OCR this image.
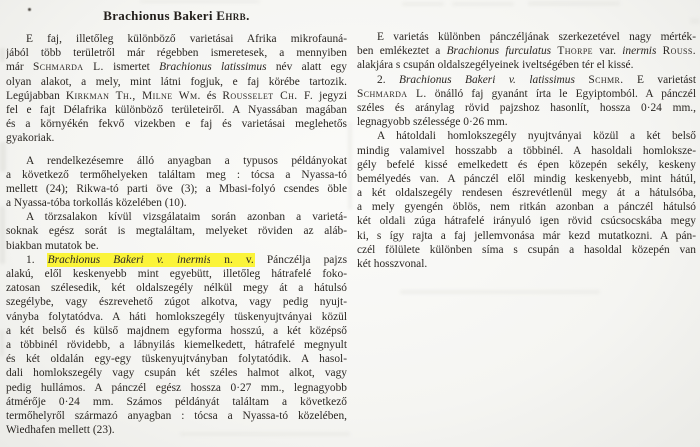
Brachionus Bakeri Ehrb.
E faj, illetőleg különböző varietásai Afrika mikrofauná-
jából több területről már régebben ismeretesek, a mennyiben
már Schmarda L. ismertet Brachionus latissimus név alatt egy
olyan alakot, a mely, mint látni fogjuk, e faj körébe tartozik.
Legújabban Kirkman Th., Milne Wm. és Rousselet Ch. F. jegyzi
fel e fajt Délafrika különböző területeiről. A Nyassában magában
és a környékén fekvő vizekben e faj és varietásai meglehetős
gyakoriak.
A rendelkezésemre álló anyagban a typusos példányokat
a következő termőhelyeken találtam meg : tócsa a Nyassa-tó
mellett (24); Rikwa-tó parti öve (3); a Mbasi-folyó csendes öble
a Nyassa-tóba torkollás közelében (10).
A törzsalakon kívül vizsgálataim során azonban a varietá-
soknak egész sorát is megtaláltam, melyeket röviden az aláb-
biakban mutatok be.
1. Brachionus Bakeri v. inermis n. v. Pánczélja pajzs
alakú, elől keskenyebb mint egyebütt, illetőleg hátrafelé foko-
zatosan szélesedik, két oldalszegély nélkül megy át a hátulsó
szegélybe, vagy észrevehető zúgot alkotva, vagy pedig nyujt-
ványba folytatódva. A háti homlokszegély tüskenyujtványai közül
a két belső és külső majdnem egyforma hosszú, a két középső
a többinél rövidebb, a lábnyilás kiemelkedett, hátrafelé megnyult
és két oldalán egy-egy tüskenyujtványban folytatódik. A hasol-
dali homlokszegély vagy csupán két széles halmot alkot, vagy
pedig hullámos. A pánczél egész hossza 0·27 mm., legnagyobb
átmérője 0·24 mm. Számos példányát találtam a következő
termőhelyről származó anyagban : tócsa a Nyassa-tó közelében,
Wiedhafen mellett (23).
E varietás különben pánczéljának szerkezetével nagy mérték-
ben emlékeztet a Brachionus furculatus Thorpe var. inermis Rouss.
alakjára s csupán oldalszegélyeinek iveltségében tér el kissé.
2. Brachionus Bakeri v. latissimus Schmr. E varietást
Schmarda L. önálló faj gyanánt írta le Egyiptomból. A pánczél
széles és aránylag rövid pajzshoz hasonlít, hossza 0·24 mm.,
legnagyobb szélessége 0·26 mm.
A hátoldali homlokszegély nyujtványai közül a két belső
mindig valamivel hosszabb a többinél. A hasoldali homloksze-
gély befelé kissé emelkedett és épen közepén sekély, keskeny
bemélyedés van. A pánczél elől mindig keskenyebb, mint hátúl,
a két oldalszegély rendesen észrevétlenül megy át a hátulsóba,
a mely gyengén öblös, nem ritkán azonban a pánczél hátulsó
két oldali zúga hátrafelé irányuló igen rövid csúcsocskába megy
ki, s így rajta a faj jellemvonása már kezd mutatkozni. A pán-
czél fölülete különben síma s csupán a hasoldal közepén van
két hosszvonal.
